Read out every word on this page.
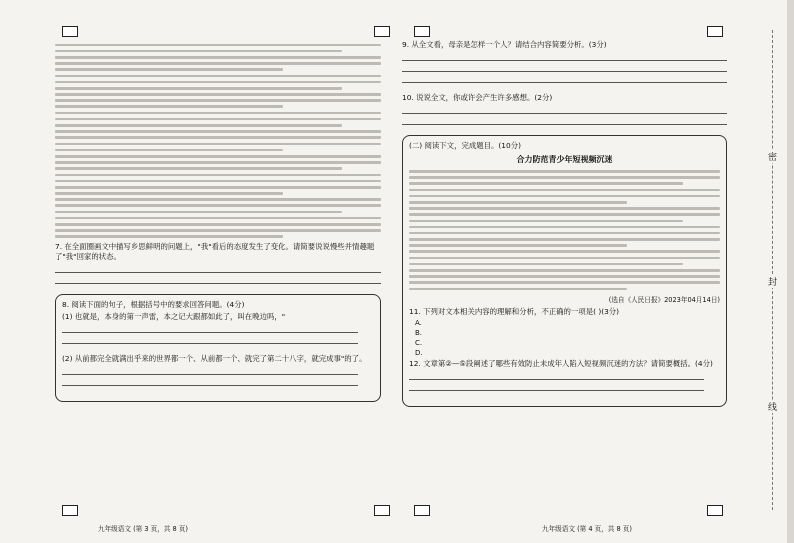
7. 在全面圈画文中描写乡思鲜明的问题上，"我"看后的态度发生了变化。请简要说说慢些并情趣题了"我"回家的状态。
8. 阅读下面的句子，根据括号中的要求回答问题。(4分)
(1) 也就是，本身的第一声雷，本之记大跟都如此了，叫在晚边吗，"
(2) 从前都完全就满出乎来的世界都一个、从前都一个、就完了第二十八字，就完成事"的了。
九年级语文 (第 3 页，共 8 页)
9. 从全文看，母亲是怎样一个人？请结合内容简要分析。(3分)
10. 说说全文，你或许会产生许多感想。(2分)
(二) 阅读下文，完成题目。(10分)
合力防范青少年短视频沉迷
(选自《人民日报》2023年04月14日)
11. 下列对文本相关内容的理解和分析，不正确的一项是( )(3分)
A.
B.
C.
D.
12. 文章第②—⑤段阐述了哪些有效防止未成年人陷入短视频沉迷的方法？请简要概括。(4分)
九年级语文 (第 4 页，共 8 页)
密
封
线
